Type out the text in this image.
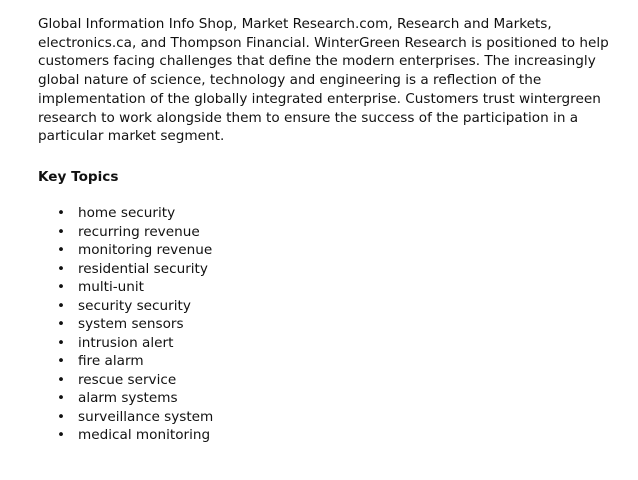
Global Information Info Shop, Market Research.com, Research and Markets,
electronics.ca, and Thompson Financial. WinterGreen Research is positioned to help
customers facing challenges that define the modern enterprises. The increasingly
global nature of science, technology and engineering is a reflection of the
implementation of the globally integrated enterprise. Customers trust wintergreen
research to work alongside them to ensure the success of the participation in a
particular market segment.

Key Topics
• home security
• recurring revenue
• monitoring revenue
• residential security
• multi-unit
• security security
• system sensors
• intrusion alert
• fire alarm
• rescue service
• alarm systems
• surveillance system
• medical monitoring
